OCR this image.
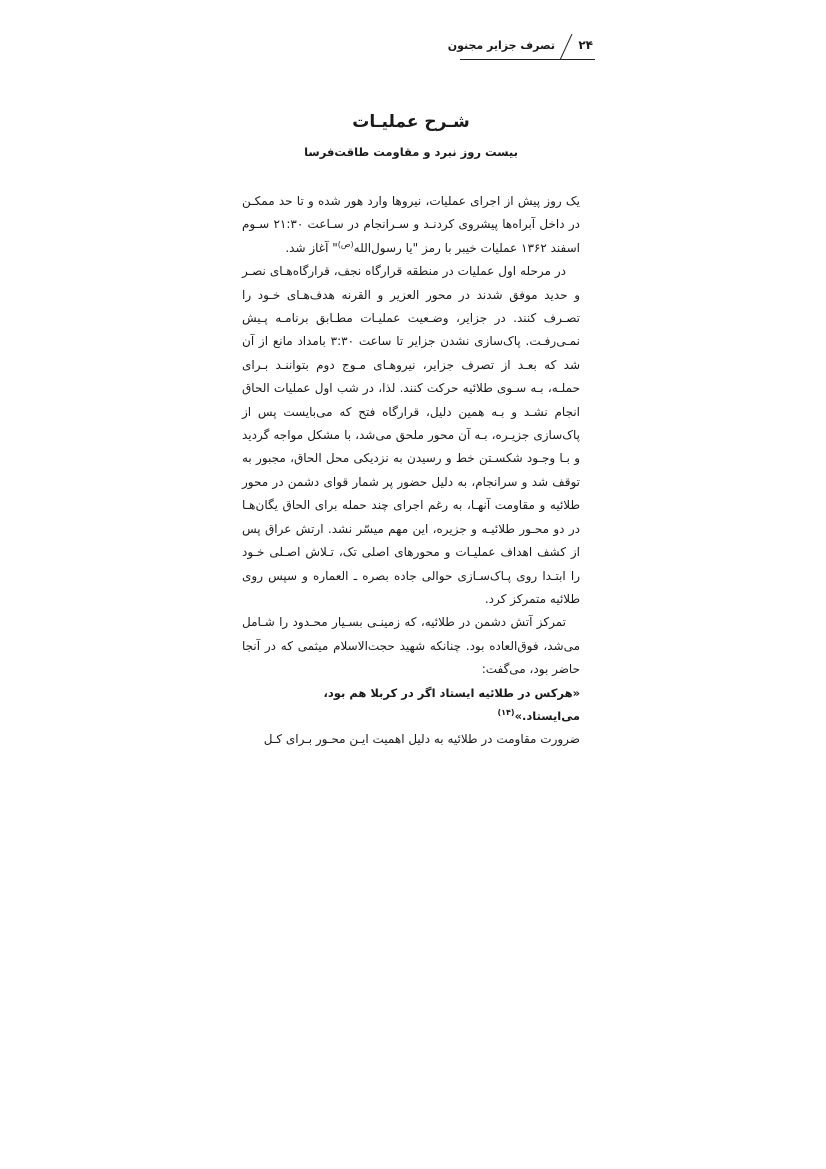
۲۴
تصرف جزایر مجنون
شـرح عملیـات
بیست روز نبرد و مقاومت طاقت‌فرسا

یک روز پیش از اجرای عملیات، نیروها وارد هور شده و تا حد ممکـن در داخل آبراه‌ها پیشروی کردنـد و سـرانجام در سـاعت ۲۱:۳۰ سـوم اسفند ۱۳۶۲ عملیات خیبر با رمز "یا رسول‌الله$^{(ص)}$" آغاز شد.

در مرحله اول عملیات در منطقه قرارگاه نجف، قرارگاه‌هـای نصـر و حدید موفق شدند در محور العزیر و القرنه هدف‌هـای خـود را تصـرف کنند. در جزایر، وضـعیت عملیـات مطـابق برنامـه پـیش نمـی‌رفـت. پاک‌سازی نشدن جزایر تا ساعت ۳:۳۰ بامداد مانع از آن شد که بعـد از تصرف جزایر، نیروهـای مـوج دوم بتواننـد بـرای حملـه، بـه سـوی طلائیه حرکت کنند. لذا، در شب اول عملیات الحاق انجام نشـد و بـه همین دلیل، قرارگاه فتح که می‌بایست پس از پاک‌سازی جزیـره، بـه آن محور ملحق می‌شد، با مشکل مواجه گردید و بـا وجـود شکسـتن خط و رسیدن به نزدیکی محل الحاق، مجبور به توقف شد و سرانجام، به دلیل حضور پر شمار قوای دشمن در محور طلائیه و مقاومت آنهـا، به رغم اجرای چند حمله برای الحاق یگان‌هـا در دو محـور طلائیـه و جزیره، این مهم میسّر نشد. ارتش عراق پس از کشف اهداف عملیـات و محورهای اصلی تک، تـلاش اصـلی خـود را ابتـدا روی پـاک‌سـازی حوالی جاده بصره ـ العماره و سپس روی طلائیه متمرکز کرد.

تمرکز آتش دشمن در طلائیه، که زمینـی بسـیار محـدود را شـامل می‌شد، فوق‌العاده بود. چنانکه شهید حجت‌الاسلام میثمی که در آنجا حاضر بود، می‌گفت:

«هرکس در طلائیه ایستاد اگر در کربلا هم بود، می‌ایستاد.»$^{(۱۴)}$

ضرورت مقاومت در طلائیه به دلیل اهمیت ایـن محـور بـرای کـل
